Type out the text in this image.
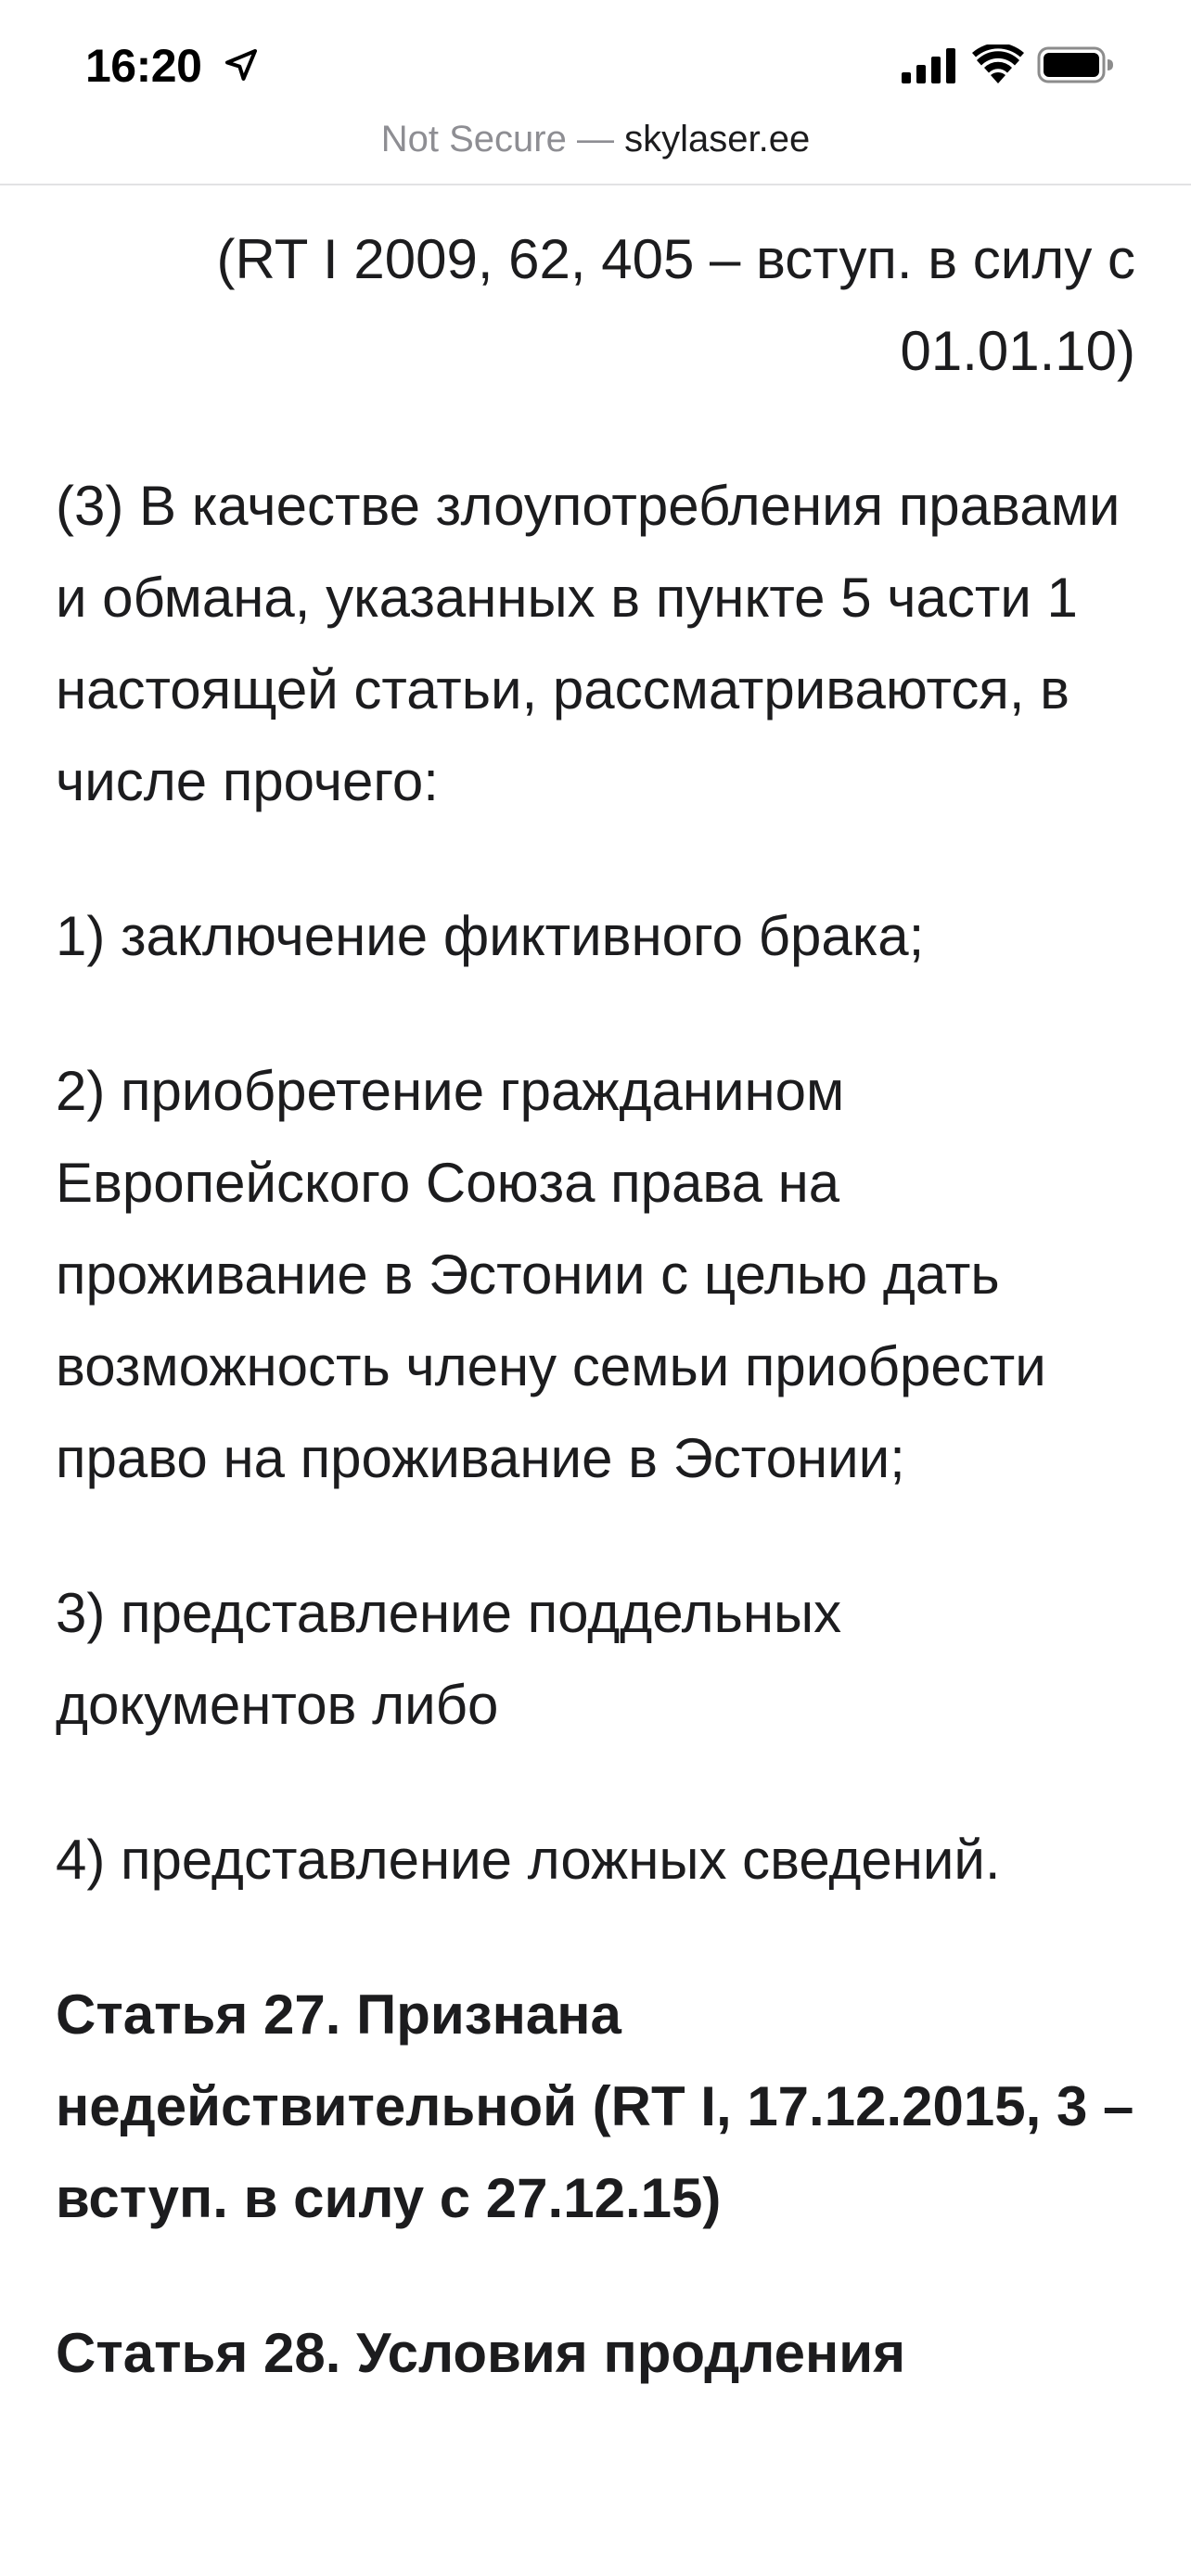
16:20
Not Secure — skylaser.ee

(RT I 2009, 62, 405 – вступ. в силу с 01.01.10)

(3) В качестве злоупотребления правами и обмана, указанных в пункте 5 части 1 настоящей статьи, рассматриваются, в числе прочего:

1) заключение фиктивного брака;

2) приобретение гражданином Европейского Союза права на проживание в Эстонии с целью дать возможность члену семьи приобрести право на проживание в Эстонии;

3) представление поддельных документов либо

4) представление ложных сведений.

Статья 27. Признана недействительной (RT I, 17.12.2015, 3 – вступ. в силу с 27.12.15)

Статья 28. Условия продления
